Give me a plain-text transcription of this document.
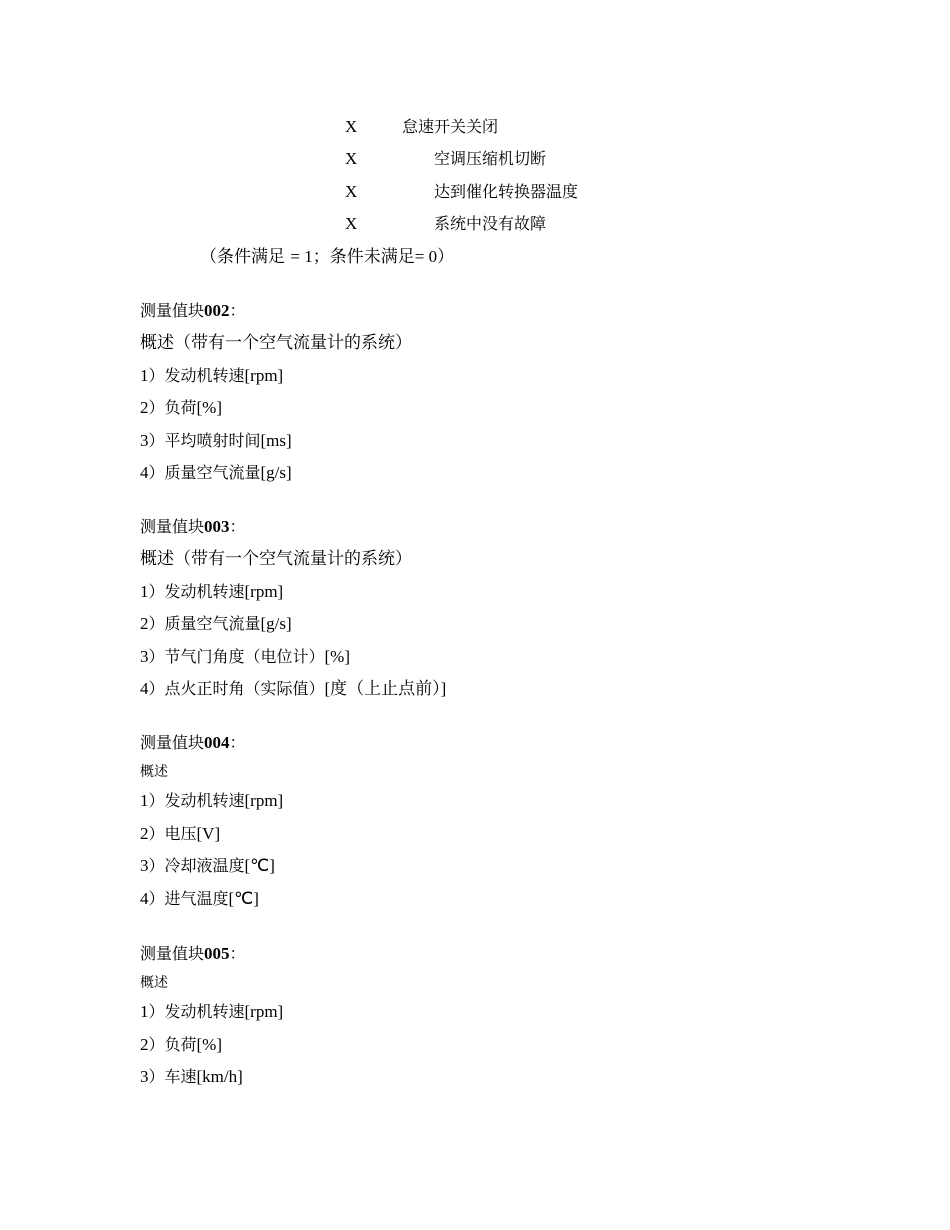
X	怠速开关关闭
X	空调压缩机切断
X	达到催化转换器温度
X	系统中没有故障
（条件满足 = 1；条件未满足= 0）
测量值块002：
概述（带有一个空气流量计的系统）
1）发动机转速[rpm]
2）负荷[%]
3）平均喷射时间[ms]
4）质量空气流量[g/s]
测量值块003：
概述（带有一个空气流量计的系统）
1）发动机转速[rpm]
2）质量空气流量[g/s]
3）节气门角度（电位计）[%]
4）点火正时角（实际值）[度（上止点前）]
测量值块004：
概述
1）发动机转速[rpm]
2）电压[V]
3）冷却液温度[℃]
4）进气温度[℃]
测量值块005：
概述
1）发动机转速[rpm]
2）负荷[%]
3）车速[km/h]
